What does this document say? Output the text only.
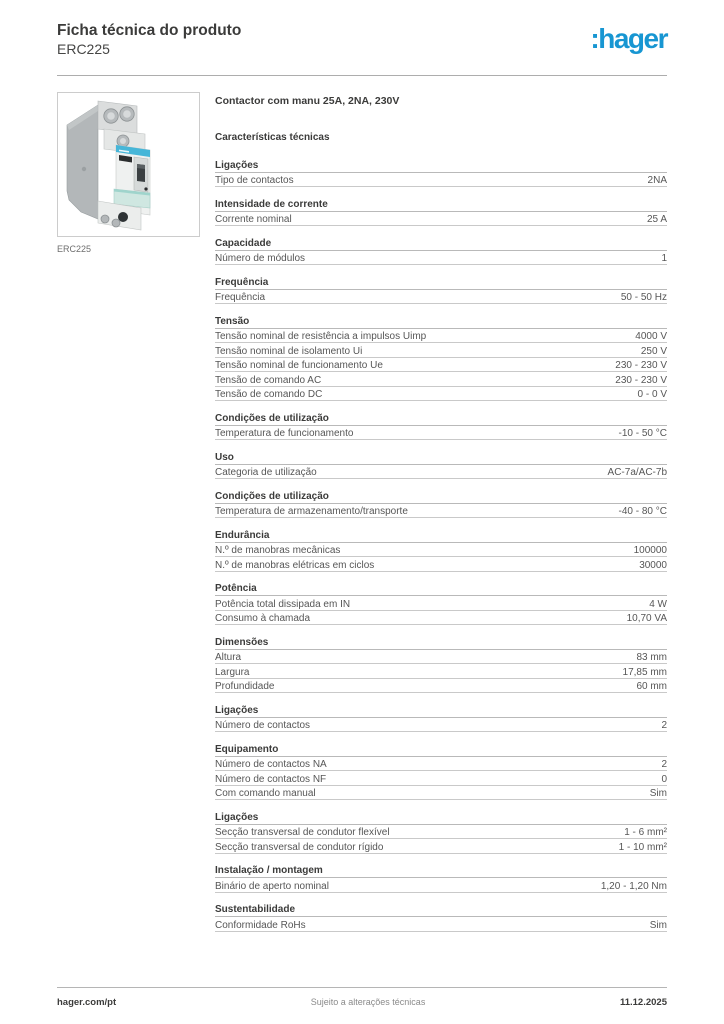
Ficha técnica do produto
ERC225	:hager
ERC225
Contactor com manu 25A, 2NA, 230V
Características técnicas
Ligações
Tipo de contactos	2NA
Intensidade de corrente
Corrente nominal	25 A
Capacidade
Número de módulos	1
Frequência
Frequência	50 - 50 Hz
Tensão
Tensão nominal de resistência a impulsos Uimp	4000 V
Tensão nominal de isolamento Ui	250 V
Tensão nominal de funcionamento Ue	230 - 230 V
Tensão de comando AC	230 - 230 V
Tensão de comando DC	0 - 0 V
Condições de utilização
Temperatura de funcionamento	-10 - 50 °C
Uso
Categoria de utilização	AC-7a/AC-7b
Condições de utilização
Temperatura de armazenamento/transporte	-40 - 80 °C
Endurância
N.º de manobras mecânicas	100000
N.º de manobras elétricas em ciclos	30000
Potência
Potência total dissipada em IN	4 W
Consumo à chamada	10,70 VA
Dimensões
Altura	83 mm
Largura	17,85 mm
Profundidade	60 mm
Ligações
Número de contactos	2
Equipamento
Número de contactos NA	2
Número de contactos NF	0
Com comando manual	Sim
Ligações
Secção transversal de condutor flexível	1 - 6 mm²
Secção transversal de condutor rígido	1 - 10 mm²
Instalação / montagem
Binário de aperto nominal	1,20 - 1,20 Nm
Sustentabilidade
Conformidade RoHs	Sim
hager.com/pt	Sujeito a alterações técnicas	11.12.2025
